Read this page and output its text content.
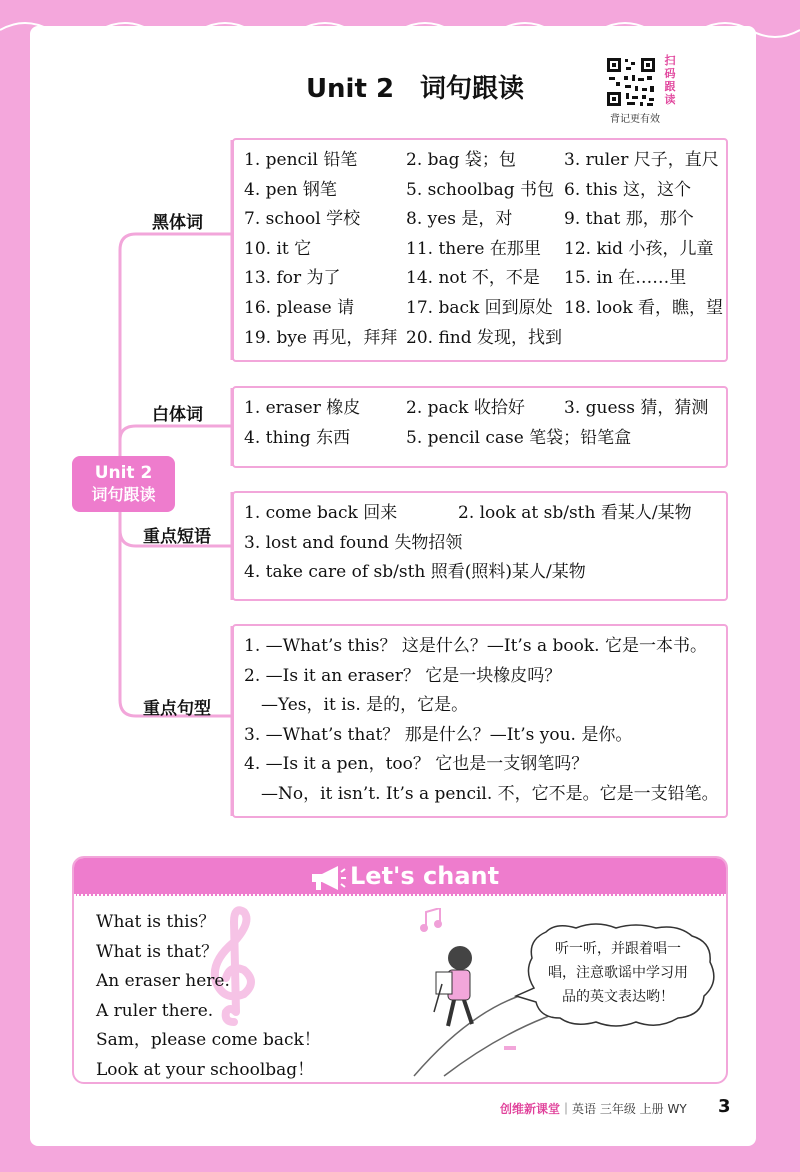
Unit 2　词句跟读
扫
码
跟
读
背记更有效
Unit 2
词句跟读
黑体词
白体词
重点短语
重点句型
1. pencil 铅笔	2. bag 袋；包	3. ruler 尺子，直尺
4. pen 钢笔	5. schoolbag 书包 6. this 这，这个
7. school 学校	8. yes 是，对	9. that 那，那个
10. it 它	11. there 在那里	12. kid 小孩，儿童
13. for 为了	14. not 不，不是	15. in 在……里
16. please 请	17. back 回到原处 18. look 看，瞧，望
19. bye 再见，拜拜 20. find 发现，找到
1. eraser 橡皮	2. pack 收拾好	3. guess 猜，猜测
4. thing 东西	5. pencil case 笔袋；铅笔盒
1. come back 回来	2. look at sb/sth 看某人/某物
3. lost and found 失物招领
4. take care of sb/sth 照看(照料)某人/某物
1. —What’s this？ 这是什么？—It’s a book. 它是一本书。
2. —Is it an eraser？ 它是一块橡皮吗？
　—Yes，it is. 是的，它是。
3. —What’s that？ 那是什么？—It’s you. 是你。
4. —Is it a pen，too？ 它也是一支钢笔吗？
　—No，it isn’t. It’s a pencil. 不，它不是。它是一支铅笔。
Let's chant
What is this？
What is that？
An eraser here.
A ruler there.
Sam，please come back！
Look at your schoolbag！
听一听，并跟着唱一唱，注意歌谣中学习用品的英文表达哟！
创维新课堂｜英语 三年级 上册 WY 3
